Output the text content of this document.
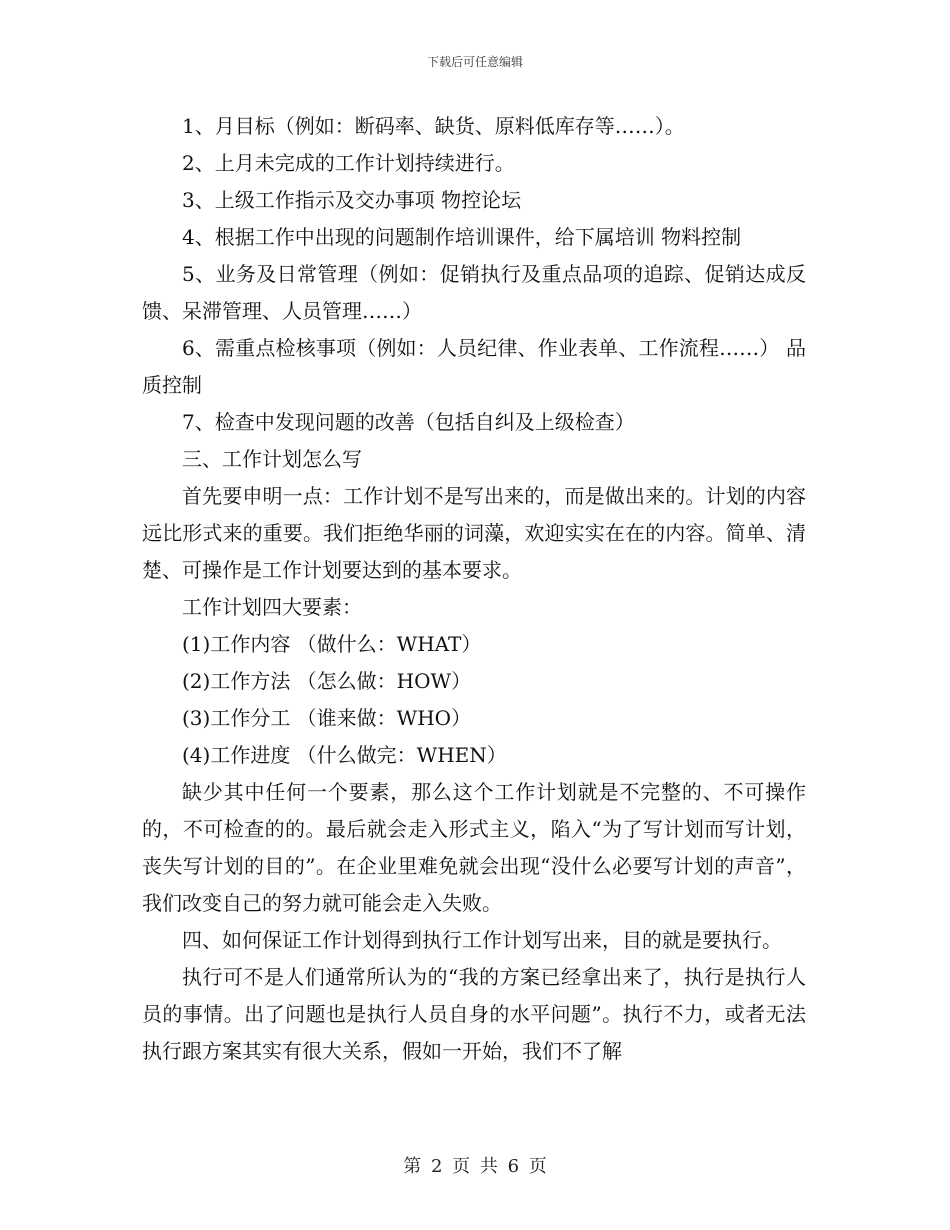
下载后可任意编辑

1、月目标（例如：断码率、缺货、原料低库存等……）。

2、上月未完成的工作计划持续进行。

3、上级工作指示及交办事项 物控论坛

4、根据工作中出现的问题制作培训课件，给下属培训 物料控制

5、业务及日常管理（例如：促销执行及重点品项的追踪、促销达成反馈、呆滞管理、人员管理……）

6、需重点检核事项（例如：人员纪律、作业表单、工作流程……） 品质控制

7、检查中发现问题的改善（包括自纠及上级检查）

三、工作计划怎么写

首先要申明一点：工作计划不是写出来的，而是做出来的。计划的内容远比形式来的重要。我们拒绝华丽的词藻，欢迎实实在在的内容。简单、清楚、可操作是工作计划要达到的基本要求。

工作计划四大要素：

(1)工作内容 （做什么：WHAT）

(2)工作方法 （怎么做：HOW）

(3)工作分工 （谁来做：WHO）

(4)工作进度 （什么做完：WHEN）

缺少其中任何一个要素，那么这个工作计划就是不完整的、不可操作的，不可检查的的。最后就会走入形式主义，陷入“为了写计划而写计划，丧失写计划的目的”。在企业里难免就会出现“没什么必要写计划的声音”，我们改变自己的努力就可能会走入失败。

四、如何保证工作计划得到执行工作计划写出来，目的就是要执行。

执行可不是人们通常所认为的“我的方案已经拿出来了，执行是执行人员的事情。出了问题也是执行人员自身的水平问题”。执行不力，或者无法执行跟方案其实有很大关系，假如一开始，我们不了解

第 2 页 共 6 页
